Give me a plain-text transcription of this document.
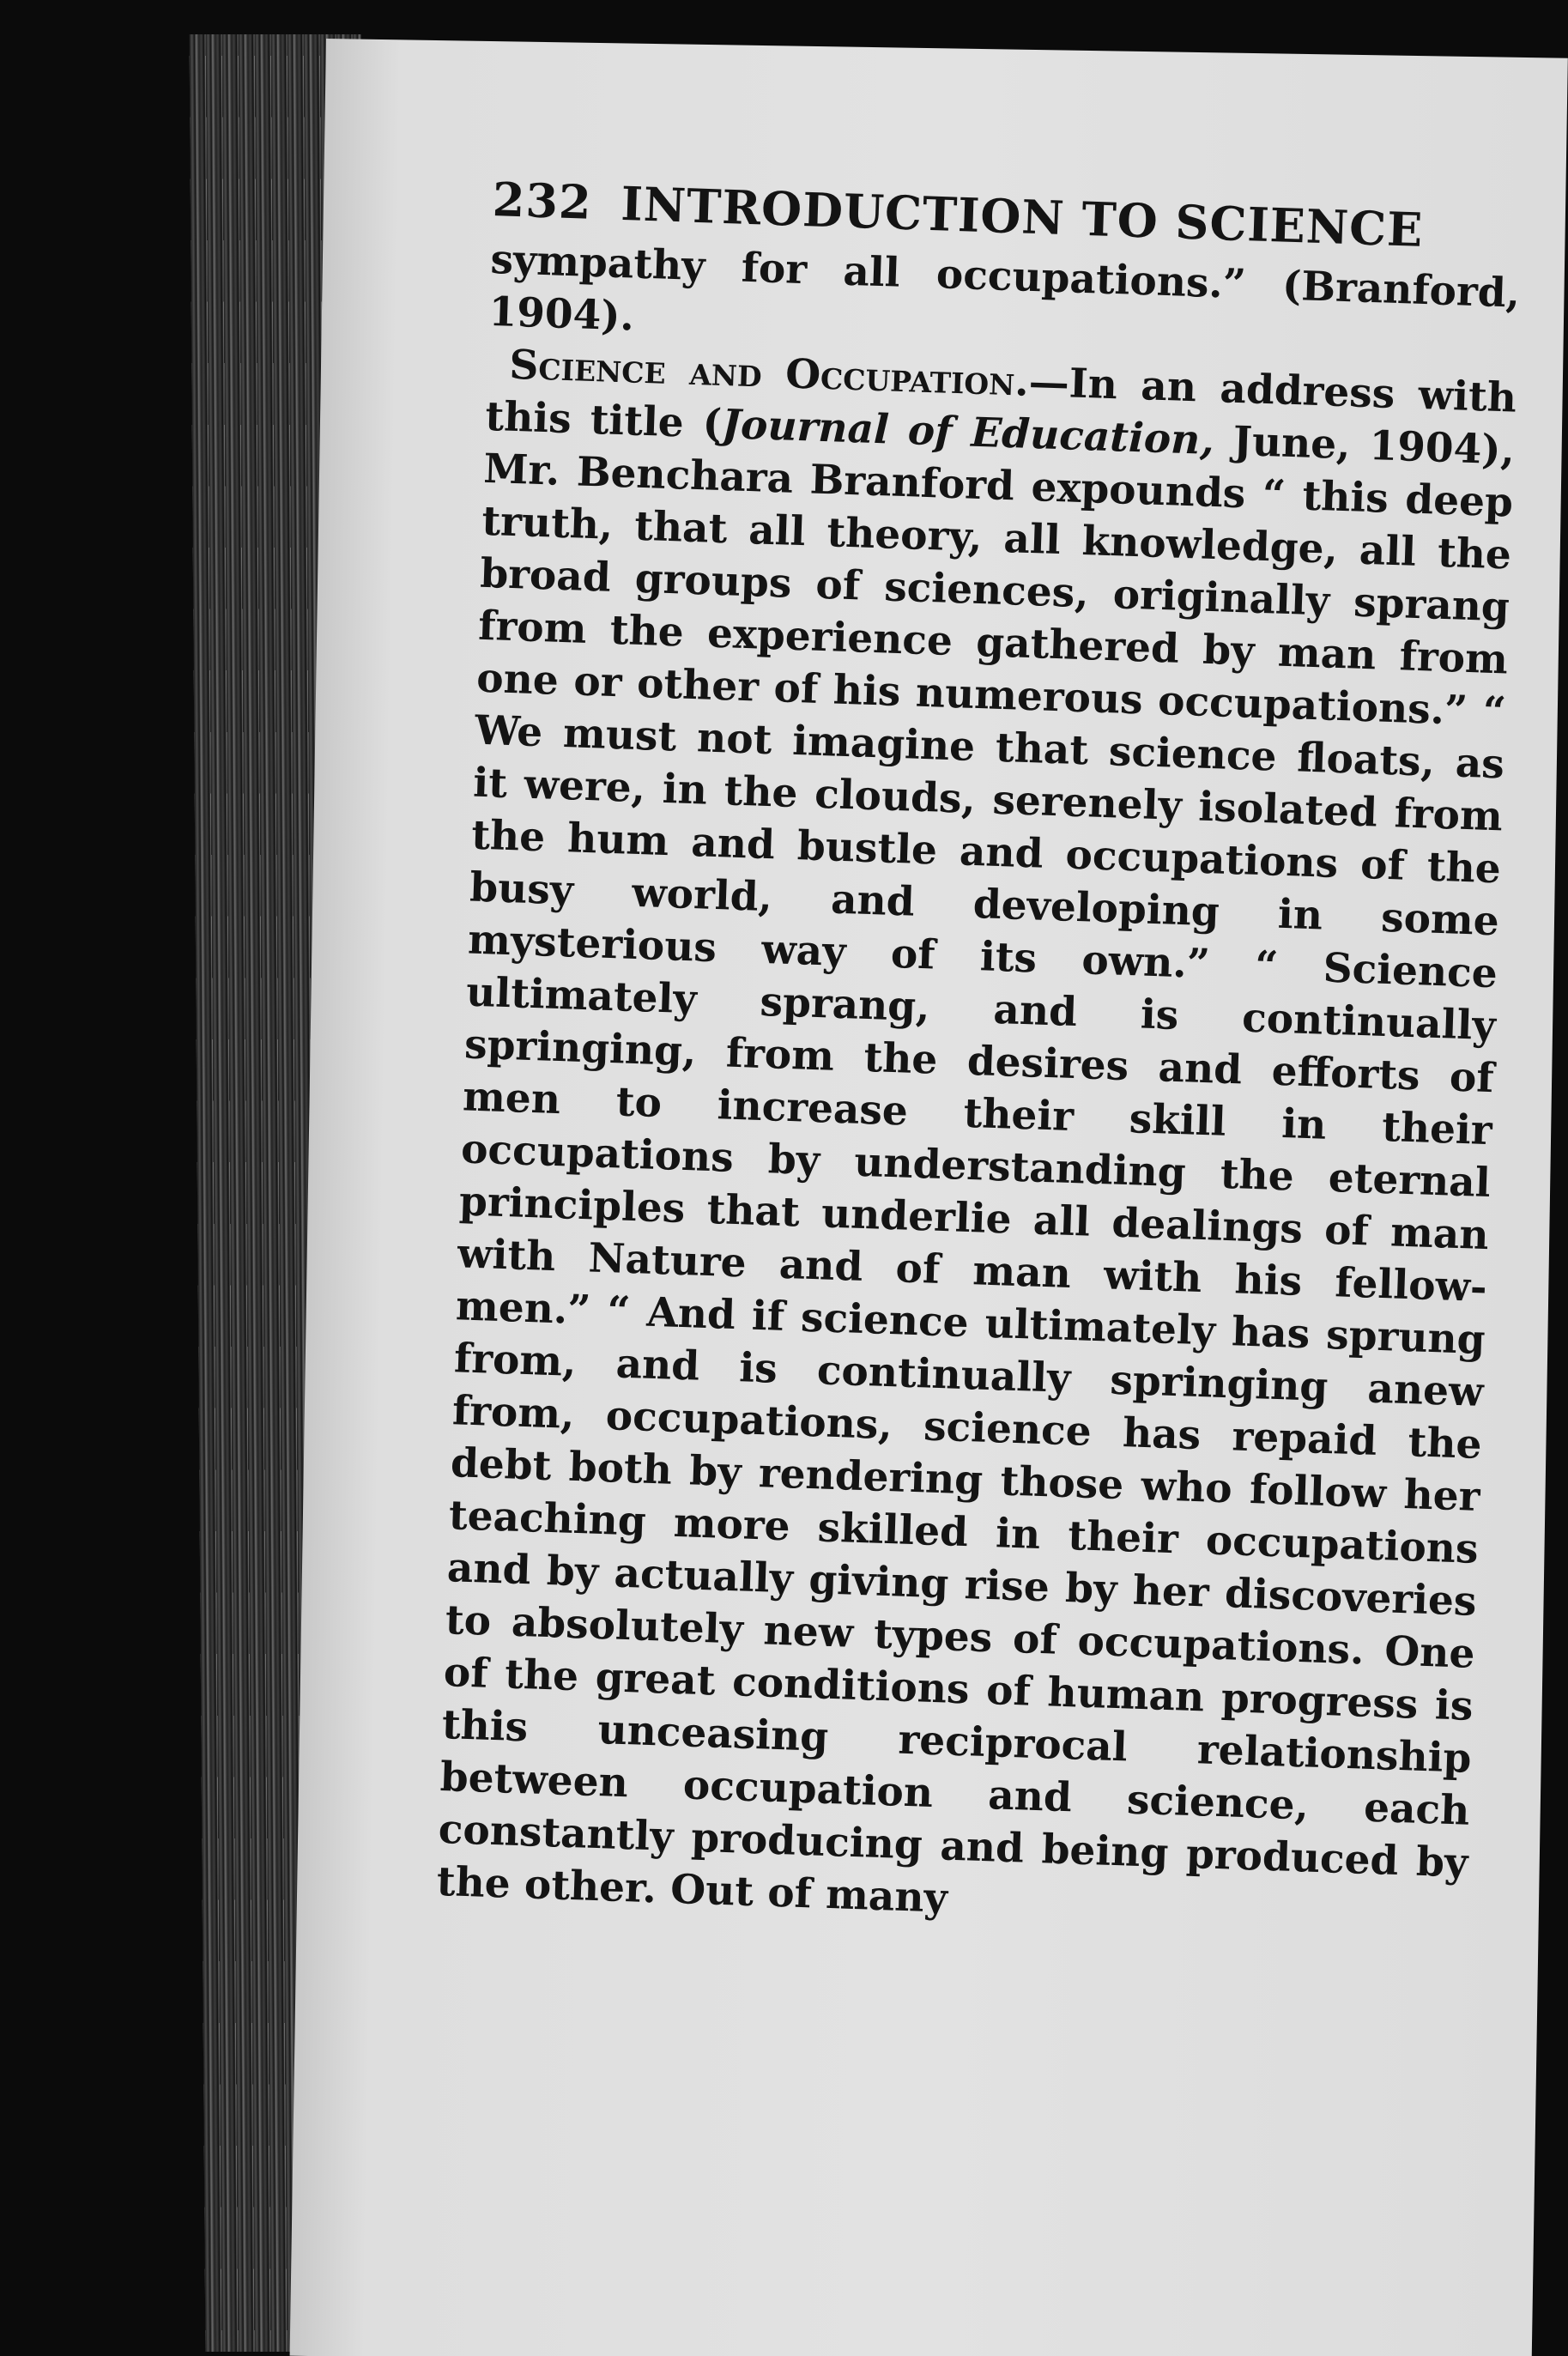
232 INTRODUCTION TO SCIENCE

sympathy for all occupations.” (Branford, 1904).

Science and Occupation.—In an address with this title (Journal of Education, June, 1904), Mr. Benchara Branford expounds “ this deep truth, that all theory, all knowledge, all the broad groups of sciences, originally sprang from the experience gathered by man from one or other of his numerous occupations.” “ We must not imagine that science floats, as it were, in the clouds, serenely isolated from the hum and bustle and occupations of the busy world, and developing in some mysterious way of its own.” “ Science ultimately sprang, and is continually springing, from the desires and efforts of men to increase their skill in their occupations by understanding the eternal principles that underlie all dealings of man with Nature and of man with his fellow-men.” “ And if science ultimately has sprung from, and is continually springing anew from, occupations, science has repaid the debt both by rendering those who follow her teaching more skilled in their occupations and by actually giving rise by her discoveries to absolutely new types of occupations. One of the great conditions of human progress is this unceasing reciprocal relationship between occupation and science, each constantly producing and being produced by the other. Out of many
